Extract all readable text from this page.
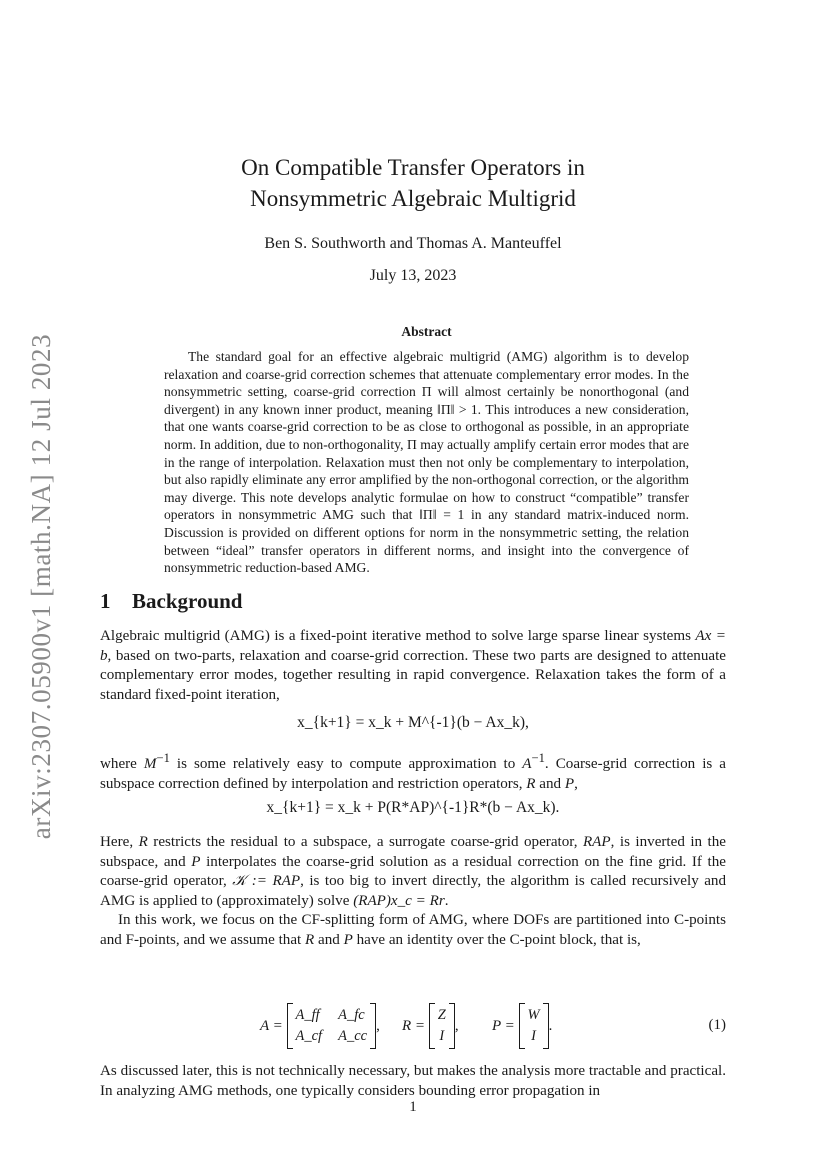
arXiv:2307.05900v1 [math.NA] 12 Jul 2023
On Compatible Transfer Operators in
Nonsymmetric Algebraic Multigrid
Ben S. Southworth and Thomas A. Manteuffel
July 13, 2023
Abstract

The standard goal for an effective algebraic multigrid (AMG) algorithm is to develop relaxation and coarse-grid correction schemes that attenuate complementary error modes. In the nonsymmetric setting, coarse-grid correction Π will almost certainly be nonorthogonal (and divergent) in any known inner product, meaning ‖Π‖ > 1. This introduces a new consideration, that one wants coarse-grid correction to be as close to orthogonal as possible, in an appropriate norm. In addition, due to non-orthogonality, Π may actually amplify certain error modes that are in the range of interpolation. Relaxation must then not only be complementary to interpolation, but also rapidly eliminate any error amplified by the non-orthogonal correction, or the algorithm may diverge. This note develops analytic formulae on how to construct “compatible” transfer operators in nonsymmetric AMG such that ‖Π‖ = 1 in any standard matrix-induced norm. Discussion is provided on different options for norm in the nonsymmetric setting, the relation between “ideal” transfer operators in different norms, and insight into the convergence of nonsymmetric reduction-based AMG.

1 Background

Algebraic multigrid (AMG) is a fixed-point iterative method to solve large sparse linear systems Ax = b, based on two-parts, relaxation and coarse-grid correction. These two parts are designed to attenuate complementary error modes, together resulting in rapid convergence. Relaxation takes the form of a standard fixed-point iteration,

x_{k+1} = x_k + M^{-1}(b − Ax_k),

where $M^{-1}$ is some relatively easy to compute approximation to $A^{-1}$. Coarse-grid correction is a subspace correction defined by interpolation and restriction operators, R and P,

x_{k+1} = x_k + P(R*AP)^{-1}R*(b − Ax_k).

Here, R restricts the residual to a subspace, a surrogate coarse-grid operator, RAP, is inverted in the subspace, and P interpolates the coarse-grid solution as a residual correction on the fine grid. If the coarse-grid operator, 𝒦 := RAP, is too big to invert directly, the algorithm is called recursively and AMG is applied to (approximately) solve (RAP)x_c = Rr.

In this work, we focus on the CF-splitting form of AMG, where DOFs are partitioned into C-points and F-points, and we assume that R and P have an identity over the C-point block, that is,

A =

A_ff A_fc
A_cf A_cc
, R =

Z
I
, P =

W
I
.	(1)

As discussed later, this is not technically necessary, but makes the analysis more tractable and practical. In analyzing AMG methods, one typically considers bounding error propagation in

1
